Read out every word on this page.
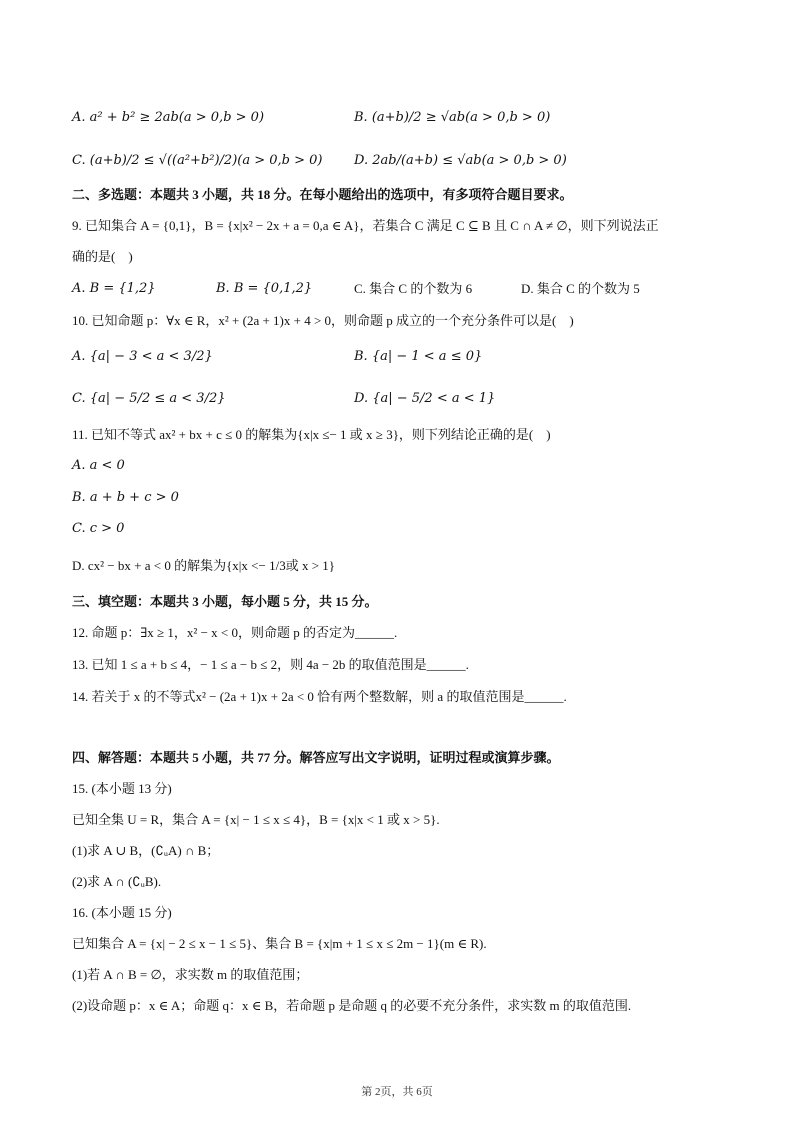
A. a² + b² ≥ 2ab(a > 0,b > 0)	B. (a+b)/2 ≥ √ab(a > 0,b > 0)
C. (a+b)/2 ≤ √((a²+b²)/2)(a > 0,b > 0) D. 2ab/(a+b) ≤ √ab(a > 0,b > 0)
二、多选题：本题共 3 小题，共 18 分。在每小题给出的选项中，有多项符合题目要求。
9. 已知集合 A = {0,1}，B = {x|x² − 2x + a = 0,a ∈ A}，若集合 C 满足 C ⊆ B 且 C ∩ A ≠ ∅，则下列说法正
确的是(　)
A. B = {1,2}	B. B = {0,1,2}	C. 集合 C 的个数为 6	D. 集合 C 的个数为 5
10. 已知命题 p：∀x ∈ R，x² + (2a + 1)x + 4 > 0，则命题 p 成立的一个充分条件可以是(　)
A. {a| − 3 < a < 3/2}	B. {a| − 1 < a ≤ 0}
C. {a| − 5/2 ≤ a < 3/2}	D. {a| − 5/2 < a < 1}
11. 已知不等式 ax² + bx + c ≤ 0 的解集为{x|x ≤− 1 或 x ≥ 3}，则下列结论正确的是(　)
A. a < 0
B. a + b + c > 0
C. c > 0
D. cx² − bx + a < 0 的解集为{x|x <− 1/3或 x > 1}
三、填空题：本题共 3 小题，每小题 5 分，共 15 分。
12. 命题 p：∃x ≥ 1，x² − x < 0，则命题 p 的否定为______.
13. 已知 1 ≤ a + b ≤ 4，− 1 ≤ a − b ≤ 2，则 4a − 2b 的取值范围是______.
14. 若关于 x 的不等式x² − (2a + 1)x + 2a < 0 恰有两个整数解，则 a 的取值范围是______.
四、解答题：本题共 5 小题，共 77 分。解答应写出文字说明，证明过程或演算步骤。
15. (本小题 13 分)
已知全集 U = R，集合 A = {x| − 1 ≤ x ≤ 4}，B = {x|x < 1 或 x > 5}.
(1)求 A ∪ B，(∁ᵤA) ∩ B；
(2)求 A ∩ (∁ᵤB).
16. (本小题 15 分)
已知集合 A = {x| − 2 ≤ x − 1 ≤ 5}、集合 B = {x|m + 1 ≤ x ≤ 2m − 1}(m ∈ R).
(1)若 A ∩ B = ∅，求实数 m 的取值范围；
(2)设命题 p：x ∈ A；命题 q：x ∈ B，若命题 p 是命题 q 的必要不充分条件，求实数 m 的取值范围.
第 2页，共 6页
